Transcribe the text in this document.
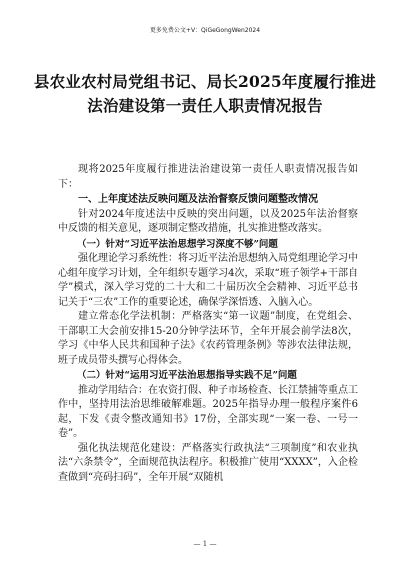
更多免费公文+V：QiGeGongWen2024
县农业农村局党组书记、局长2025年度履行推进法治建设第一责任人职责情况报告

现将2025年度履行推进法治建设第一责任人职责情况报告如下：

一、上年度述法反映问题及法治督察反馈问题整改情况

针对2024年度述法中反映的突出问题，以及2025年法治督察中反馈的相关意见，逐项制定整改措施，扎实推进整改落实。

（一）针对“习近平法治思想学习深度不够”问题

强化理论学习系统性：将习近平法治思想纳入局党组理论学习中心组年度学习计划，全年组织专题学习4次，采取“班子领学+干部自学”模式，深入学习党的二十大和二十届历次全会精神、习近平总书记关于“三农”工作的重要论述，确保学深悟透、入脑入心。

建立常态化学法机制：严格落实“第一议题”制度，在党组会、干部职工大会前安排15-20分钟学法环节，全年开展会前学法8次，学习《中华人民共和国种子法》《农药管理条例》等涉农法律法规，班子成员带头撰写心得体会。

（二）针对“运用习近平法治思想指导实践不足”问题

推动学用结合：在农资打假、种子市场检查、长江禁捕等重点工作中，坚持用法治思维破解难题。2025年指导办理一般程序案件6起，下发《责令整改通知书》17份，全部实现“一案一卷、一号一卷”。

强化执法规范化建设：严格落实行政执法“三项制度”和农业执法“六条禁令”，全面规范执法程序。积极推广使用“XXXX”，入企检查做到“亮码扫码”，全年开展“双随机

— 1 —
